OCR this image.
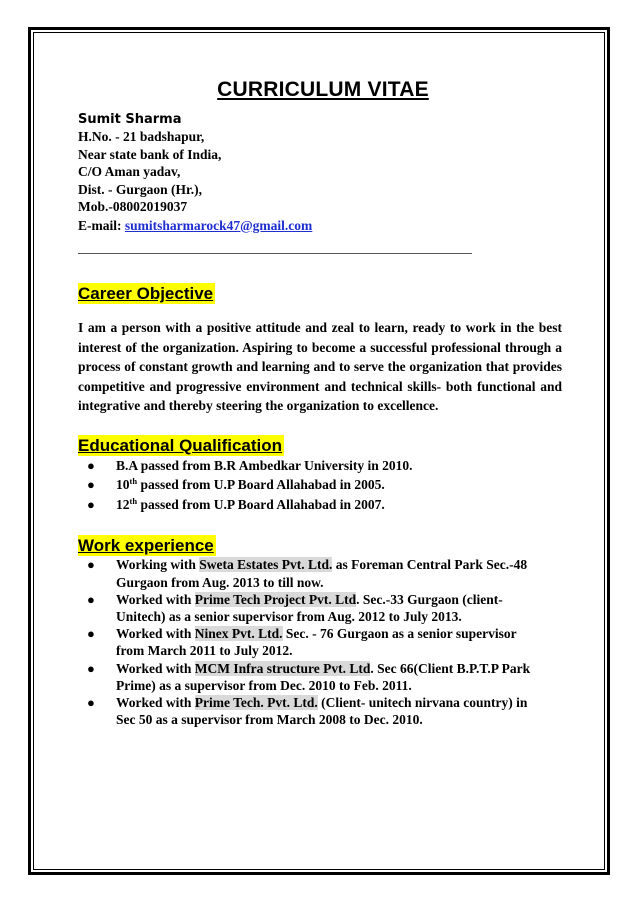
CURRICULUM VITAE
Sumit Sharma
H.No. - 21 badshapur,
Near state bank of India,
C/O Aman yadav,
Dist. - Gurgaon (Hr.),
Mob.-08002019037
E-mail: sumitsharmarock47@gmail.com
Career Objective
I am a person with a positive attitude and zeal to learn, ready to work in the best interest of the organization. Aspiring to become a successful professional through a process of constant growth and learning and to serve the organization that provides competitive and progressive environment and technical skills- both functional and integrative and thereby steering the organization to excellence.
Educational Qualification
● B.A passed from B.R Ambedkar University in 2010.
● 10th passed from U.P Board Allahabad in 2005.
● 12th passed from U.P Board Allahabad in 2007.
Work experience
● Working with Sweta Estates Pvt. Ltd. as Foreman Central Park Sec.-48 Gurgaon from Aug. 2013 to till now.
● Worked with Prime Tech Project Pvt. Ltd. Sec.-33 Gurgaon (client-Unitech) as a senior supervisor from Aug. 2012 to July 2013.
● Worked with Ninex Pvt. Ltd. Sec. - 76 Gurgaon as a senior supervisor from March 2011 to July 2012.
● Worked with MCM Infra structure Pvt. Ltd. Sec 66(Client B.P.T.P Park Prime) as a supervisor from Dec. 2010 to Feb. 2011.
● Worked with Prime Tech. Pvt. Ltd. (Client- unitech nirvana country) in Sec 50 as a supervisor from March 2008 to Dec. 2010.
